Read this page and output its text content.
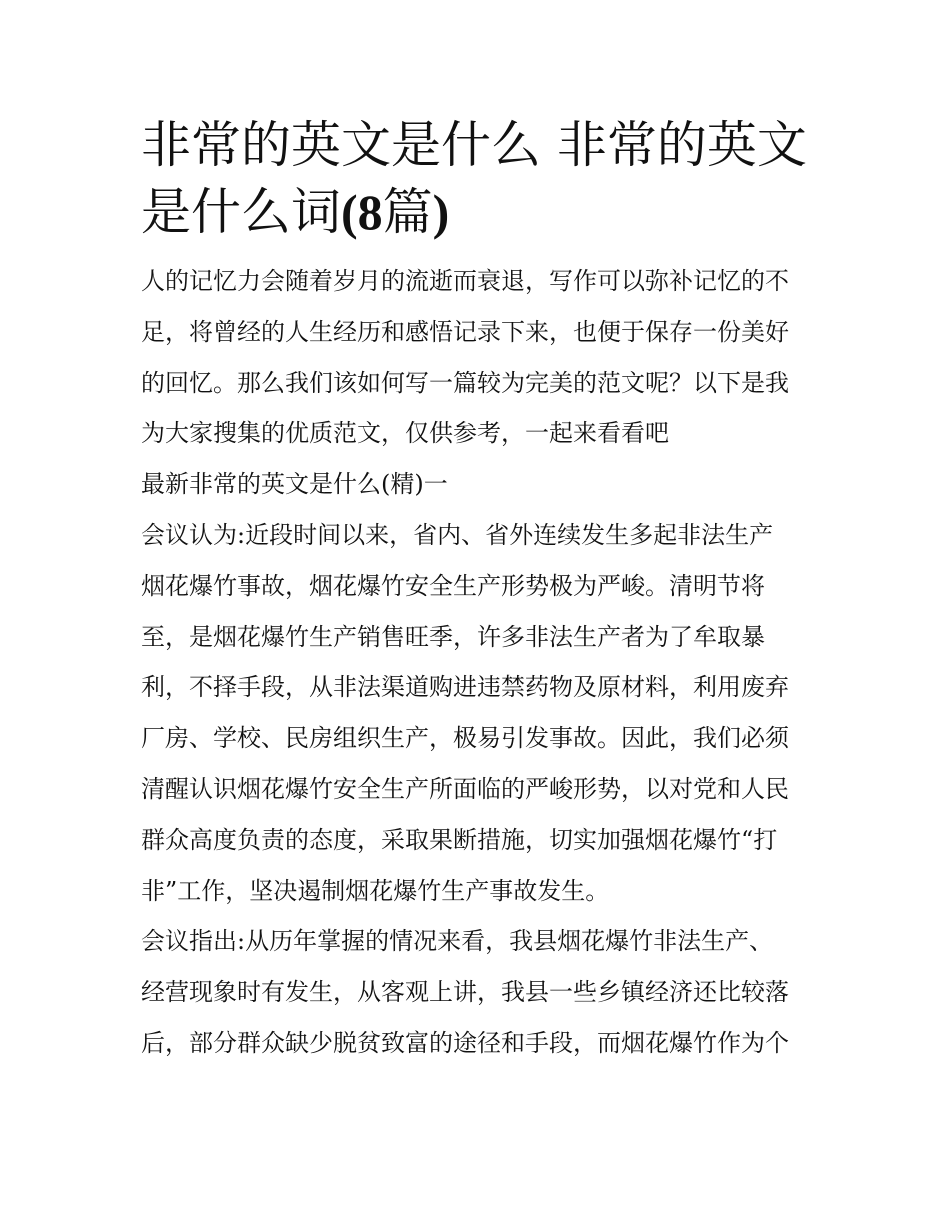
非常的英文是什么 非常的英文
是什么词(8篇)
人的记忆力会随着岁月的流逝而衰退，写作可以弥补记忆的不
足，将曾经的人生经历和感悟记录下来，也便于保存一份美好
的回忆。那么我们该如何写一篇较为完美的范文呢？以下是我
为大家搜集的优质范文，仅供参考，一起来看看吧
最新非常的英文是什么(精)一
会议认为:近段时间以来，省内、省外连续发生多起非法生产
烟花爆竹事故，烟花爆竹安全生产形势极为严峻。清明节将
至，是烟花爆竹生产销售旺季，许多非法生产者为了牟取暴
利，不择手段，从非法渠道购进违禁药物及原材料，利用废弃
厂房、学校、民房组织生产，极易引发事故。因此，我们必须
清醒认识烟花爆竹安全生产所面临的严峻形势，以对党和人民
群众高度负责的态度，采取果断措施，切实加强烟花爆竹“打
非”工作，坚决遏制烟花爆竹生产事故发生。
会议指出:从历年掌握的情况来看，我县烟花爆竹非法生产、
经营现象时有发生，从客观上讲，我县一些乡镇经济还比较落
后，部分群众缺少脱贫致富的途径和手段，而烟花爆竹作为个
